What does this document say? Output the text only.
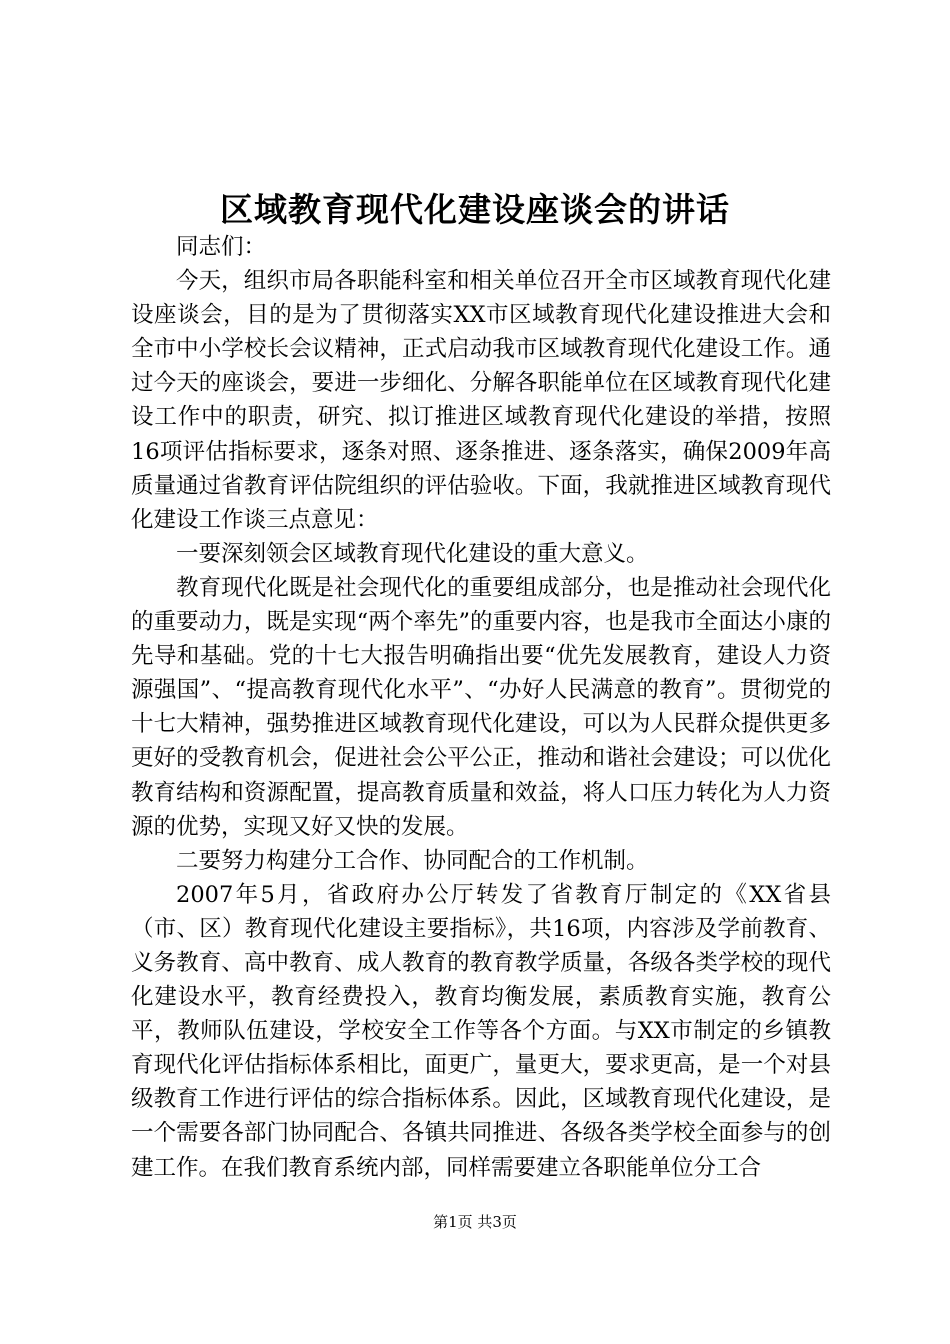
区域教育现代化建设座谈会的讲话

同志们：

今天，组织市局各职能科室和相关单位召开全市区域教育现代化建设座谈会，目的是为了贯彻落实XX市区域教育现代化建设推进大会和全市中小学校长会议精神，正式启动我市区域教育现代化建设工作。通过今天的座谈会，要进一步细化、分解各职能单位在区域教育现代化建设工作中的职责，研究、拟订推进区域教育现代化建设的举措，按照16项评估指标要求，逐条对照、逐条推进、逐条落实，确保2009年高质量通过省教育评估院组织的评估验收。下面，我就推进区域教育现代化建设工作谈三点意见：

一要深刻领会区域教育现代化建设的重大意义。

教育现代化既是社会现代化的重要组成部分，也是推动社会现代化的重要动力，既是实现“两个率先”的重要内容，也是我市全面达小康的先导和基础。党的十七大报告明确指出要“优先发展教育，建设人力资源强国”、“提高教育现代化水平”、“办好人民满意的教育”。贯彻党的十七大精神，强势推进区域教育现代化建设，可以为人民群众提供更多更好的受教育机会，促进社会公平公正，推动和谐社会建设；可以优化教育结构和资源配置，提高教育质量和效益，将人口压力转化为人力资源的优势，实现又好又快的发展。

二要努力构建分工合作、协同配合的工作机制。

2007年5月，省政府办公厅转发了省教育厅制定的《XX省县（市、区）教育现代化建设主要指标》，共16项，内容涉及学前教育、义务教育、高中教育、成人教育的教育教学质量，各级各类学校的现代化建设水平，教育经费投入，教育均衡发展，素质教育实施，教育公平，教师队伍建设，学校安全工作等各个方面。与XX市制定的乡镇教育现代化评估指标体系相比，面更广，量更大，要求更高，是一个对县级教育工作进行评估的综合指标体系。因此，区域教育现代化建设，是一个需要各部门协同配合、各镇共同推进、各级各类学校全面参与的创建工作。在我们教育系统内部，同样需要建立各职能单位分工合

第1页 共3页
